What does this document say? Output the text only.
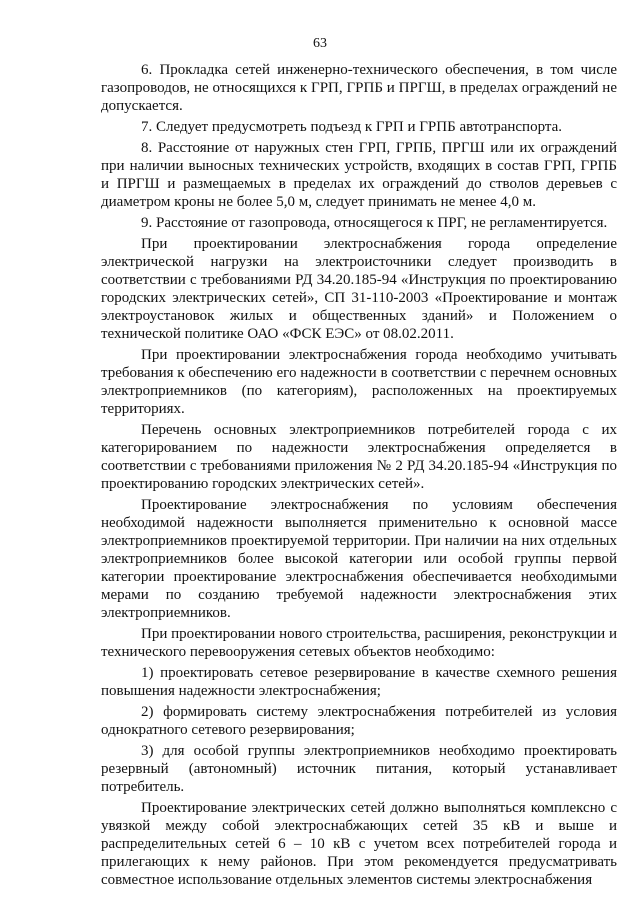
63

6. Прокладка сетей инженерно-технического обеспечения, в том числе газопроводов, не относящихся к ГРП, ГРПБ и ПРГШ, в пределах ограждений не допускается.

7. Следует предусмотреть подъезд к ГРП и ГРПБ автотранспорта.

8. Расстояние от наружных стен ГРП, ГРПБ, ПРГШ или их ограждений при наличии выносных технических устройств, входящих в состав ГРП, ГРПБ и ПРГШ и размещаемых в пределах их ограждений до стволов деревьев с диаметром кроны не более 5,0 м, следует принимать не менее 4,0 м.

9. Расстояние от газопровода, относящегося к ПРГ, не регламентируется.

При проектировании электроснабжения города определение электрической нагрузки на электроисточники следует производить в соответствии с требованиями РД 34.20.185-94 «Инструкция по проектированию городских электрических сетей», СП 31-110-2003 «Проектирование и монтаж электроустановок жилых и общественных зданий» и Положением о технической политике ОАО «ФСК ЕЭС» от 08.02.2011.

При проектировании электроснабжения города необходимо учитывать требования к обеспечению его надежности в соответствии с перечнем основных электроприемников (по категориям), расположенных на проектируемых территориях.

Перечень основных электроприемников потребителей города с их категорированием по надежности электроснабжения определяется в соответствии с требованиями приложения № 2 РД 34.20.185-94 «Инструкция по проектированию городских электрических сетей».

Проектирование электроснабжения по условиям обеспечения необходимой надежности выполняется применительно к основной массе электроприемников проектируемой территории. При наличии на них отдельных электроприемников более высокой категории или особой группы первой категории проектирование электроснабжения обеспечивается необходимыми мерами по созданию требуемой надежности электроснабжения этих электроприемников.

При проектировании нового строительства, расширения, реконструкции и технического перевооружения сетевых объектов необходимо:

1) проектировать сетевое резервирование в качестве схемного решения повышения надежности электроснабжения;

2) формировать систему электроснабжения потребителей из условия однократного сетевого резервирования;

3) для особой группы электроприемников необходимо проектировать резервный (автономный) источник питания, который устанавливает потребитель.

Проектирование электрических сетей должно выполняться комплексно с увязкой между собой электроснабжающих сетей 35 кВ и выше и распределительных сетей 6 – 10 кВ с учетом всех потребителей города и прилегающих к нему районов. При этом рекомендуется предусматривать совместное использование отдельных элементов системы электроснабжения
